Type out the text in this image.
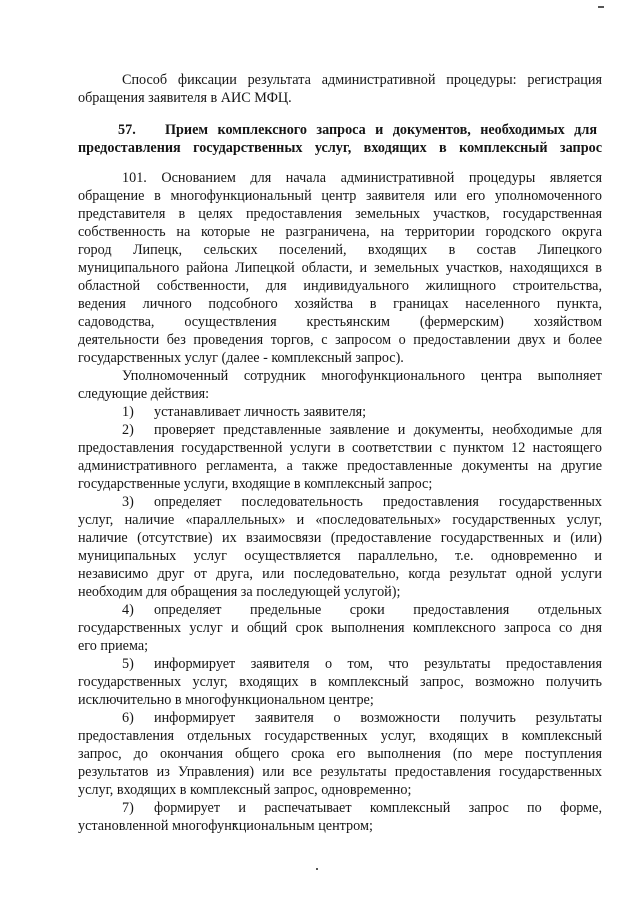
Способ фиксации результата административной процедуры: регистрация
обращения заявителя в АИС МФЦ.
57. Прием комплексного запроса и документов, необходимых для
предоставления государственных услуг, входящих в комплексный запрос
101. Основанием для начала административной процедуры является
обращение в многофункциональный центр заявителя или его уполномоченного
представителя в целях предоставления земельных участков, государственная
собственность на которые не разграничена, на территории городского округа
город Липецк, сельских поселений, входящих в состав Липецкого
муниципального района Липецкой области, и земельных участков, находящихся в
областной собственности, для индивидуального жилищного строительства,
ведения личного подсобного хозяйства в границах населенного пункта,
садоводства, осуществления крестьянским (фермерским) хозяйством
деятельности без проведения торгов, с запросом о предоставлении двух и более
государственных услуг (далее - комплексный запрос).
Уполномоченный сотрудник многофункционального центра выполняет
следующие действия:
1) устанавливает личность заявителя;
2) проверяет представленные заявление и документы, необходимые для
предоставления государственной услуги в соответствии с пунктом 12 настоящего
административного регламента, а также предоставленные документы на другие
государственные услуги, входящие в комплексный запрос;
3) определяет последовательность предоставления государственных
услуг, наличие «параллельных» и «последовательных» государственных услуг,
наличие (отсутствие) их взаимосвязи (предоставление государственных и (или)
муниципальных услуг осуществляется параллельно, т.е. одновременно и
независимо друг от друга, или последовательно, когда результат одной услуги
необходим для обращения за последующей услугой);
4) определяет предельные сроки предоставления отдельных
государственных услуг и общий срок выполнения комплексного запроса со дня
его приема;
5) информирует заявителя о том, что результаты предоставления
государственных услуг, входящих в комплексный запрос, возможно получить
исключительно в многофункциональном центре;
6) информирует заявителя о возможности получить результаты
предоставления отдельных государственных услуг, входящих в комплексный
запрос, до окончания общего срока его выполнения (по мере поступления
результатов из Управления) или все результаты предоставления государственных
услуг, входящих в комплексный запрос, одновременно;
7) формирует и распечатывает комплексный запрос по форме,
установленной многофункциональным центром;
